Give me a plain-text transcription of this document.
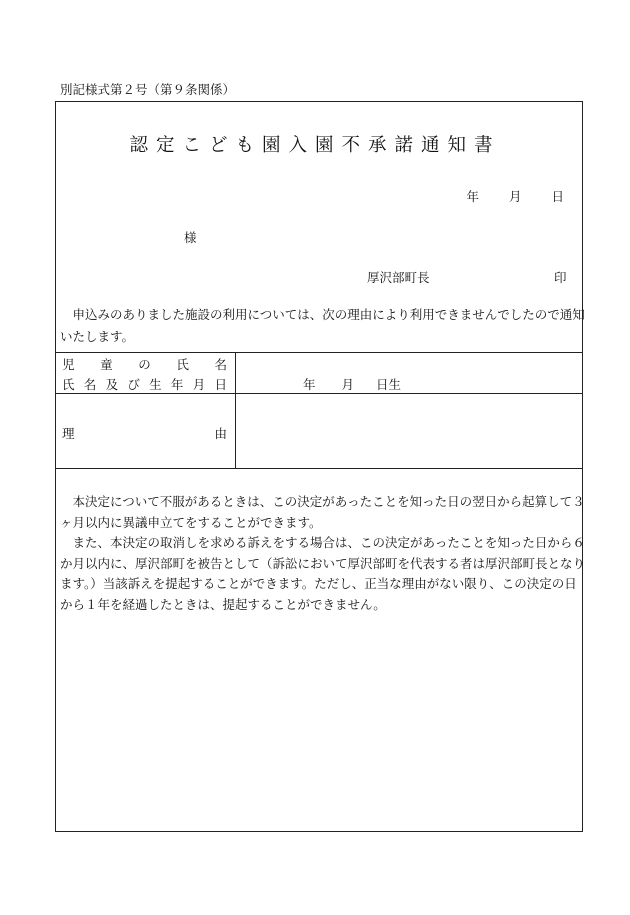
別記様式第２号（第９条関係）
認定こども園入園不承諾通知書
年 月 日
様
厚沢部町長	印
申込みのありました施設の利用については、次の理由により利用できませんでしたので通知いたします。
児 童 の 氏 名
氏 名 及 び 生 年 月 日	年 月 日生
理	由

本決定について不服があるときは、この決定があったことを知った日の翌日から起算して３ヶ月以内に異議申立てをすることができます。

また、本決定の取消しを求める訴えをする場合は、この決定があったことを知った日から６か月以内に、厚沢部町を被告として（訴訟において厚沢部町を代表する者は厚沢部町長となります。）当該訴えを提起することができます。ただし、正当な理由がない限り、この決定の日から１年を経過したときは、提起することができません。
